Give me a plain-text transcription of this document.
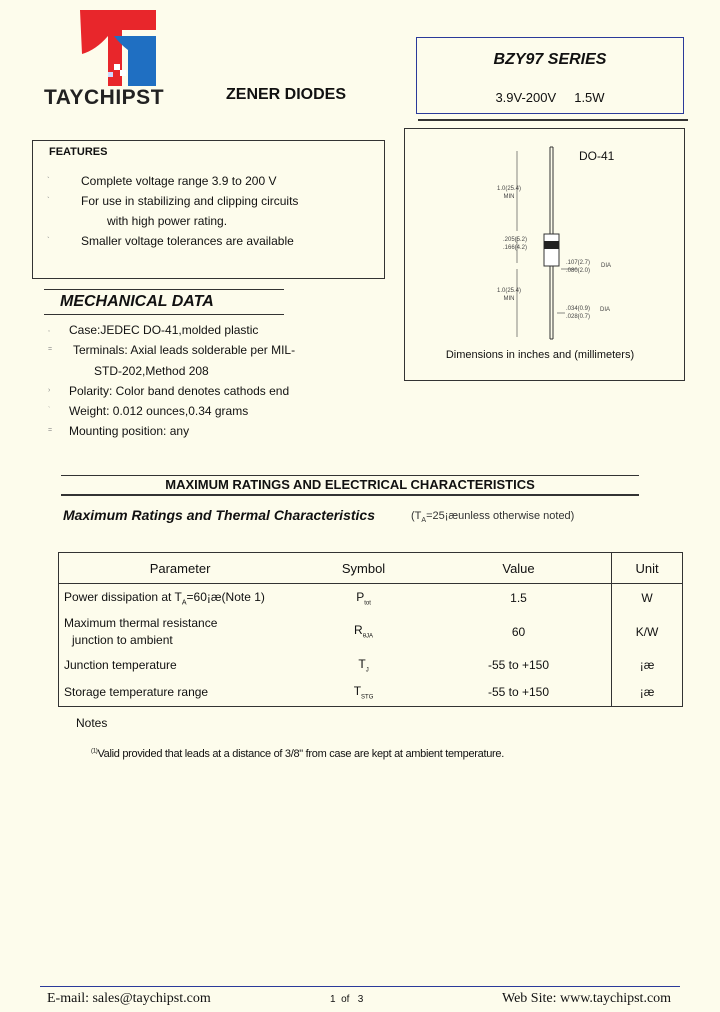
TAYCHIPST	ZENER DIODES
BZY97 SERIES
3.9V-200V     1.5W
FEATURES
`	Complete voltage range 3.9 to 200 V
`	For use in stabilizing and clipping circuits
with high power rating.
`	Smaller voltage tolerances are available
DO-41
1.0(25.4)
MIN
.205(5.2)
.166(4.2)
.107(2.7)
.080(2.0)
DIA
1.0(25.4)
MIN
.034(0.9)
.028(0.7)
DIA
Dimensions in inches and (millimeters)
MECHANICAL DATA
, Case:JEDEC DO-41,molded plastic
= Terminals: Axial leads solderable per MIL-
STD-202,Method 208
› Polarity: Color band denotes cathods end
` Weight: 0.012 ounces,0.34 grams
= Mounting position: any
MAXIMUM RATINGS AND ELECTRICAL CHARACTERISTICS
Maximum Ratings and Thermal Characteristics	($T_A=25¡æunless$ otherwise noted)
Parameter	Symbol	Value	Unit
Power dissipation at $T_A=60¡æ(Note$ 1)	$P_{tot}$	1.5	W

Maximum thermal resistance
junction to ambient	$R_{\theta JA}$	60	K/W
Junction temperature	$T_J$	-55 to +150	¡æ
Storage temperature range	$T_{STG}$	-55 to +150	¡æ
Notes
$^{(1)}$Valid provided that leads at a distance of 3/8" from case are kept at ambient temperature.
E-mail: sales@taychipst.com	1  of   3	Web Site: www.taychipst.com
